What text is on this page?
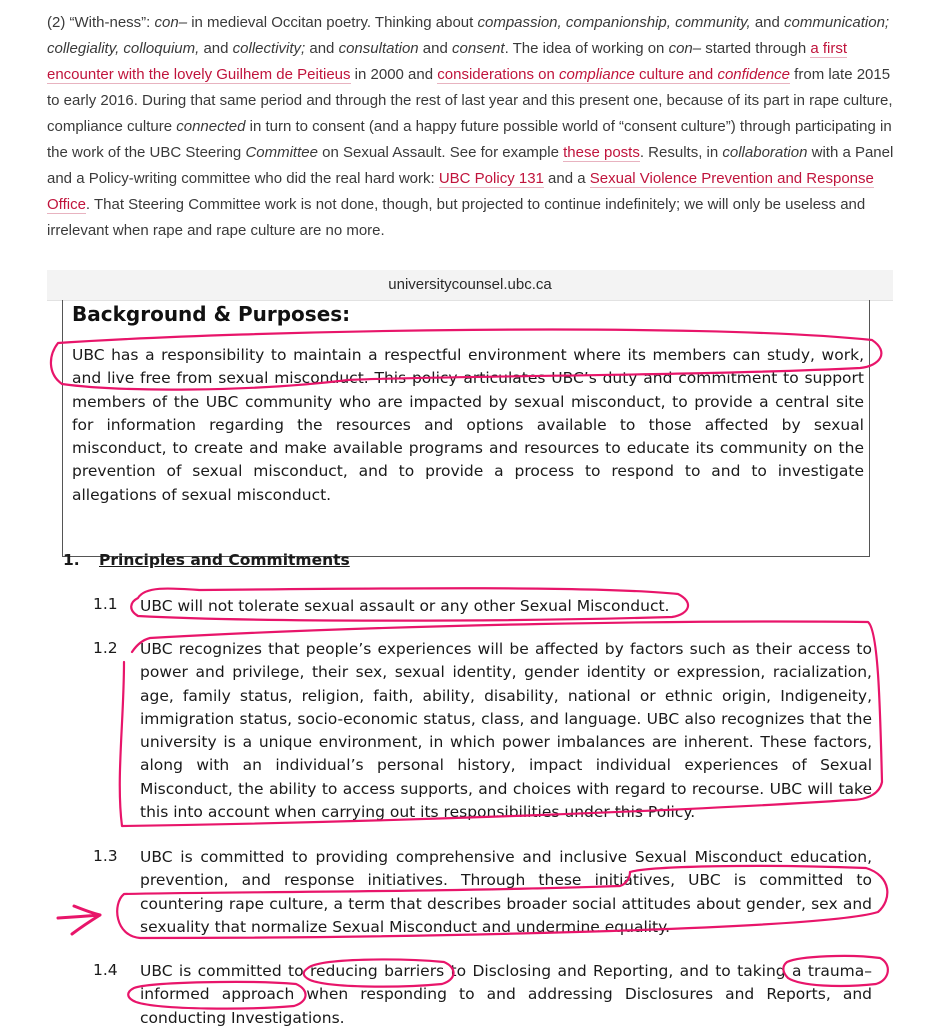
(2) “With-ness”: con– in medieval Occitan poetry. Thinking about compassion, companionship, community, and communication; collegiality, colloquium, and collectivity; and consultation and consent. The idea of working on con– started through a first encounter with the lovely Guilhem de Peitieus in 2000 and considerations on compliance culture and confidence from late 2015 to early 2016. During that same period and through the rest of last year and this present one, because of its part in rape culture, compliance culture connected in turn to consent (and a happy future possible world of “consent culture”) through participating in the work of the UBC Steering Committee on Sexual Assault. See for example these posts. Results, in collaboration with a Panel and a Policy-writing committee who did the real hard work: UBC Policy 131 and a Sexual Violence Prevention and Response Office. That Steering Committee work is not done, though, but projected to continue indefinitely; we will only be useless and irrelevant when rape and rape culture are no more.

universitycounsel.ubc.ca
Background & Purposes:

UBC has a responsibility to maintain a respectful environment where its members can study, work, and live free from sexual misconduct. This policy articulates UBC’s duty and commitment to support members of the UBC community who are impacted by sexual misconduct, to provide a central site for information regarding the resources and options available to those affected by sexual misconduct, to create and make available programs and resources to educate its community on the prevention of sexual misconduct, and to provide a process to respond to and to investigate allegations of sexual misconduct.

1. Principles and Commitments
1.1 UBC will not tolerate sexual assault or any other Sexual Misconduct.

1.2 UBC recognizes that people’s experiences will be affected by factors such as their access to power and privilege, their sex, sexual identity, gender identity or expression, racialization, age, family status, religion, faith, ability, disability, national or ethnic origin, Indigeneity, immigration status, socio-economic status, class, and language. UBC also recognizes that the university is a unique environment, in which power imbalances are inherent. These factors, along with an individual’s personal history, impact individual experiences of Sexual Misconduct, the ability to access supports, and choices with regard to recourse. UBC will take this into account when carrying out its responsibilities under this Policy.

1.3 UBC is committed to providing comprehensive and inclusive Sexual Misconduct education, prevention, and response initiatives. Through these initiatives, UBC is committed to countering rape culture, a term that describes broader social attitudes about gender, sex and sexuality that normalize Sexual Misconduct and undermine equality.

1.4 UBC is committed to reducing barriers to Disclosing and Reporting, and to taking a trauma–informed approach when responding to and addressing Disclosures and Reports, and conducting Investigations.
